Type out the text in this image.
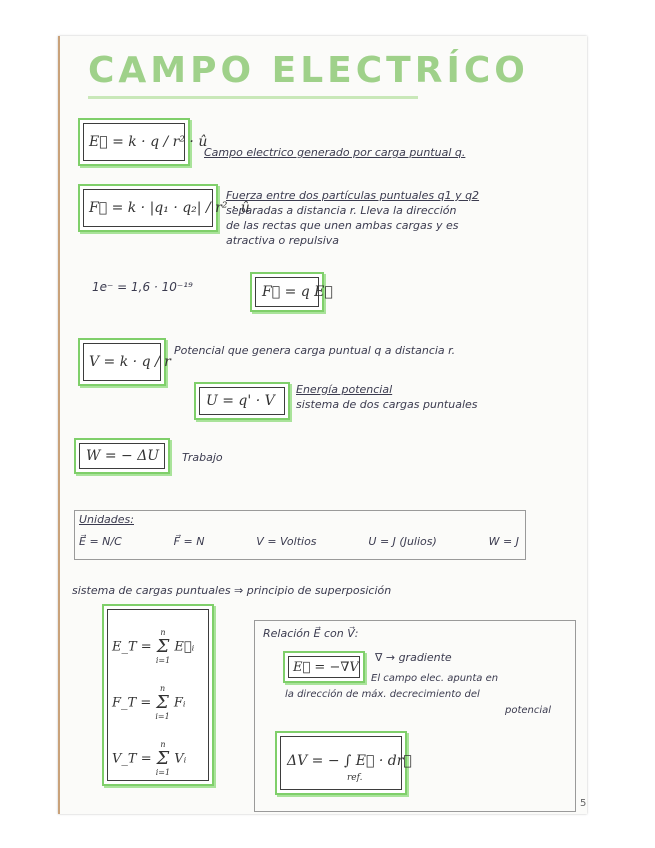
CAMPO ELECTRÍCO
E⃗ = k · q / r² · û
Campo electrico generado por carga puntual q.
F⃗ = k · |q₁ · q₂| / r² · û
Fuerza entre dos partículas puntuales q1 y q2
separadas a distancia r. Lleva la dirección
de las rectas que unen ambas cargas y es
atractiva o repulsiva
1e⁻ = 1,6 · 10⁻¹⁹	F⃗ = q E⃗
V = k · q / r
Potencial que genera carga puntual q a distancia r.
U = q' · V
Energía potencial
sistema de dos cargas puntuales
W = − ΔU Trabajo
Unidades:
E⃗ = N/C	F⃗ = N	V = Voltios	U = J (Julios)	W = J
sistema de cargas puntuales ⇒ principio de superposición
E_T =
n
Σ
i=1
E⃗ᵢ
F_T =
n
Σ
i=1
Fᵢ
V_T =
n
Σ
i=1
Vᵢ
Relación E⃗ con V⃗:
E⃗ = −∇V
∇ → gradiente
El campo elec. apunta en
la dirección de máx. decrecimiento del
potencial
ΔV = − ∫ E⃗ · dr⃗
ref.
5
